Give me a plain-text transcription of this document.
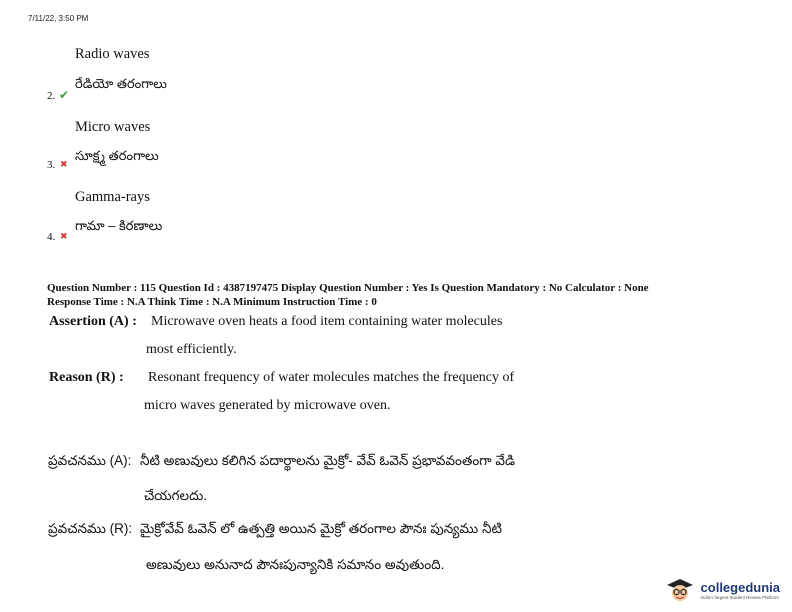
7/11/22, 3:50 PM
Radio waves
రేడియో తరంగాలు
2. ✔
Micro waves
సూక్ష్మ తరంగాలు
3. ✖
Gamma-rays
గామా – కిరణాలు
4. ✖
Question Number : 115 Question Id : 4387197475 Display Question Number : Yes Is Question Mandatory : No Calculator : None
Response Time : N.A Think Time : N.A Minimum Instruction Time : 0
Assertion (A) : Microwave oven heats a food item containing water molecules
most efficiently.
Reason (R) : Resonant frequency of water molecules matches the frequency of
micro waves generated by microwave oven.
ప్రవచనము (A): నీటి అణువులు కలిగిన పదార్థాలను మైక్రో- వేవ్ ఓవెన్ ప్రభావవంతంగా వేడి
చేయగలదు.
ప్రవచనము (R): మైక్రోవేవ్ ఓవెన్ లో ఉత్పత్తి అయిన మైక్రో తరంగాల పౌనః పున్యము నీటి
అణువులు అనునాద పౌనఃపున్యానికి సమానం అవుతుంది.
collegedunia
India's largest Student Review Platform
